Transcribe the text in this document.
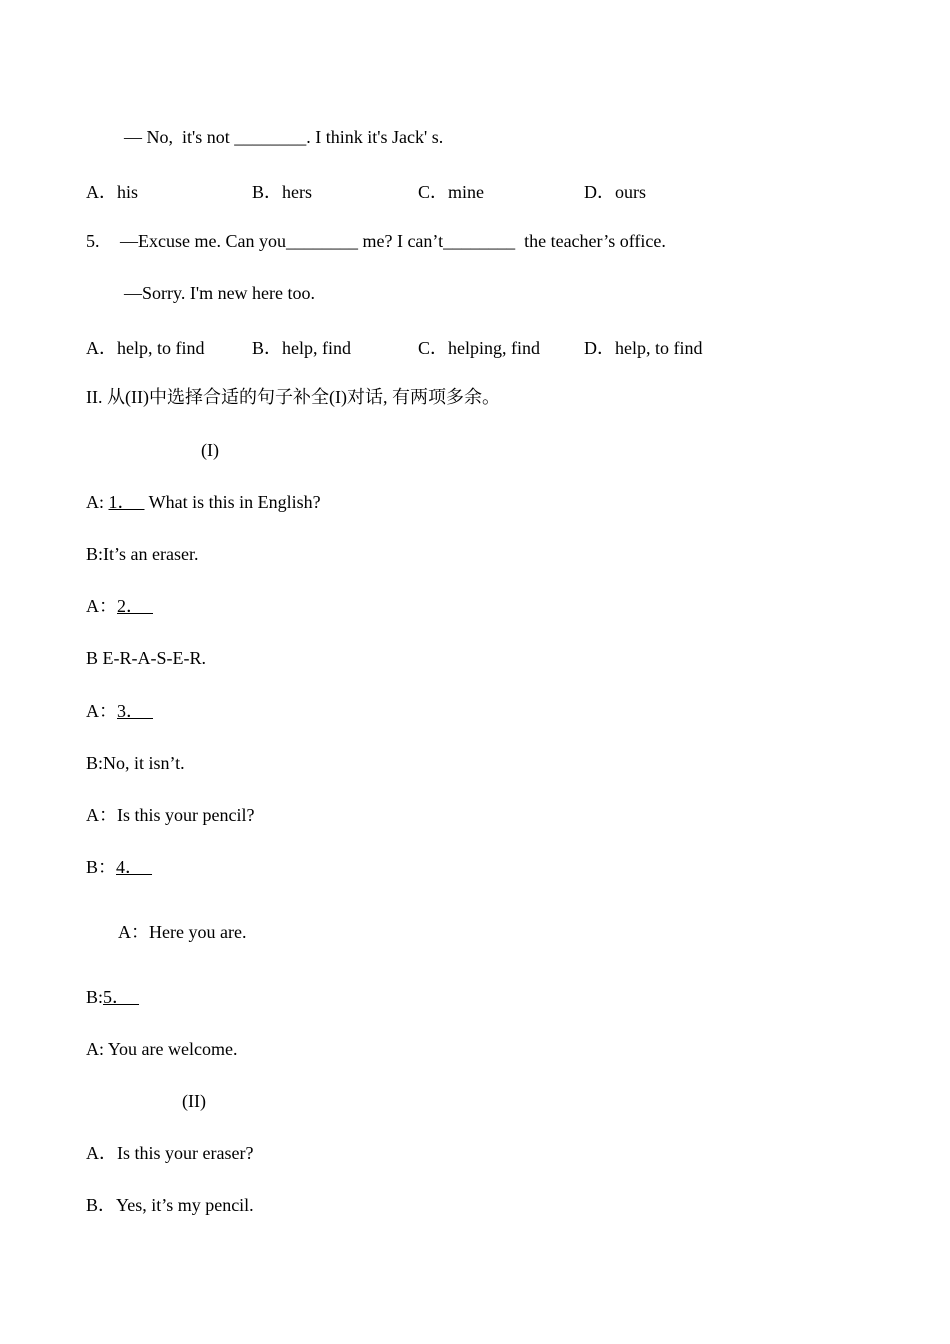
— No,  it's not ________. I think it's Jack' s.
A．his	B．hers	C．mine	D．ours
5. —Excuse me. Can you________ me? I can’t________  the teacher’s office.
—Sorry. I'm new here too.
A．help, to find	B．help, find	C．helping, find D．help, to find
II. 从(II)中选择合适的句子补全(I)对话, 有两项多余。
(I)
A: 1．   What is this in English?
B:It’s an eraser.
A：2．
B E-R-A-S-E-R.
A：3．
B:No, it isn’t.
A：Is this your pencil?
B：4．
A：Here you are.
B:5．
A: You are welcome.
(II)
A．Is this your eraser?
B．Yes, it’s my pencil.
